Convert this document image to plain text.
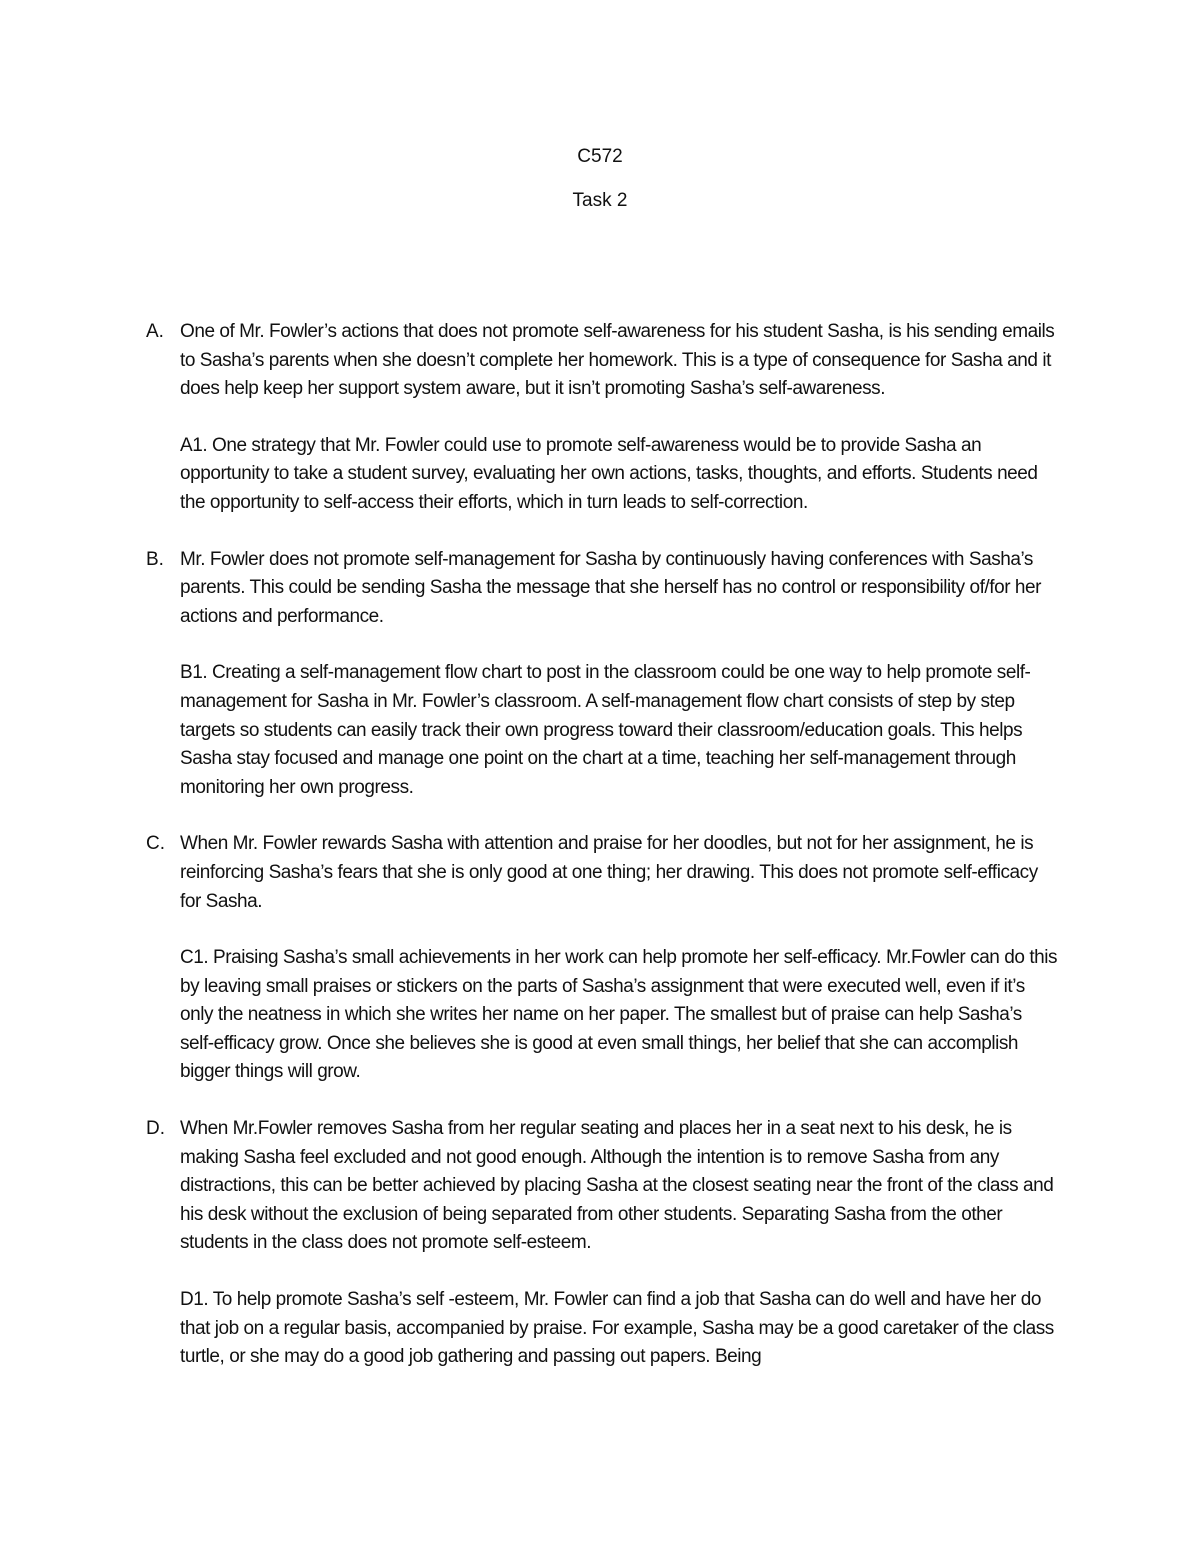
C572
Task 2
A. One of Mr. Fowler’s actions that does not promote self-awareness for his student Sasha, is his sending emails to Sasha’s parents when she doesn’t complete her homework. This is a type of consequence for Sasha and it does help keep her support system aware, but it isn’t promoting Sasha’s self-awareness.

A1. One strategy that Mr. Fowler could use to promote self-awareness would be to provide Sasha an opportunity to take a student survey, evaluating her own actions, tasks, thoughts, and efforts. Students need the opportunity to self-access their efforts, which in turn leads to self-correction.

B. Mr. Fowler does not promote self-management for Sasha by continuously having conferences with Sasha’s parents. This could be sending Sasha the message that she herself has no control or responsibility of/for her actions and performance.

B1. Creating a self-management flow chart to post in the classroom could be one way to help promote self-management for Sasha in Mr. Fowler’s classroom. A self-management flow chart consists of step by step targets so students can easily track their own progress toward their classroom/education goals. This helps Sasha stay focused and manage one point on the chart at a time, teaching her self-management through monitoring her own progress.

C. When Mr. Fowler rewards Sasha with attention and praise for her doodles, but not for her assignment, he is reinforcing Sasha’s fears that she is only good at one thing; her drawing. This does not promote self-efficacy for Sasha.

C1. Praising Sasha’s small achievements in her work can help promote her self-efficacy. Mr.Fowler can do this by leaving small praises or stickers on the parts of Sasha’s assignment that were executed well, even if it’s only the neatness in which she writes her name on her paper. The smallest but of praise can help Sasha’s self-efficacy grow. Once she believes she is good at even small things, her belief that she can accomplish bigger things will grow.

D. When Mr.Fowler removes Sasha from her regular seating and places her in a seat next to his desk, he is making Sasha feel excluded and not good enough. Although the intention is to remove Sasha from any distractions, this can be better achieved by placing Sasha at the closest seating near the front of the class and his desk without the exclusion of being separated from other students. Separating Sasha from the other students in the class does not promote self-esteem.

D1. To help promote Sasha’s self -esteem, Mr. Fowler can find a job that Sasha can do well and have her do that job on a regular basis, accompanied by praise. For example, Sasha may be a good caretaker of the class turtle, or she may do a good job gathering and passing out papers. Being
